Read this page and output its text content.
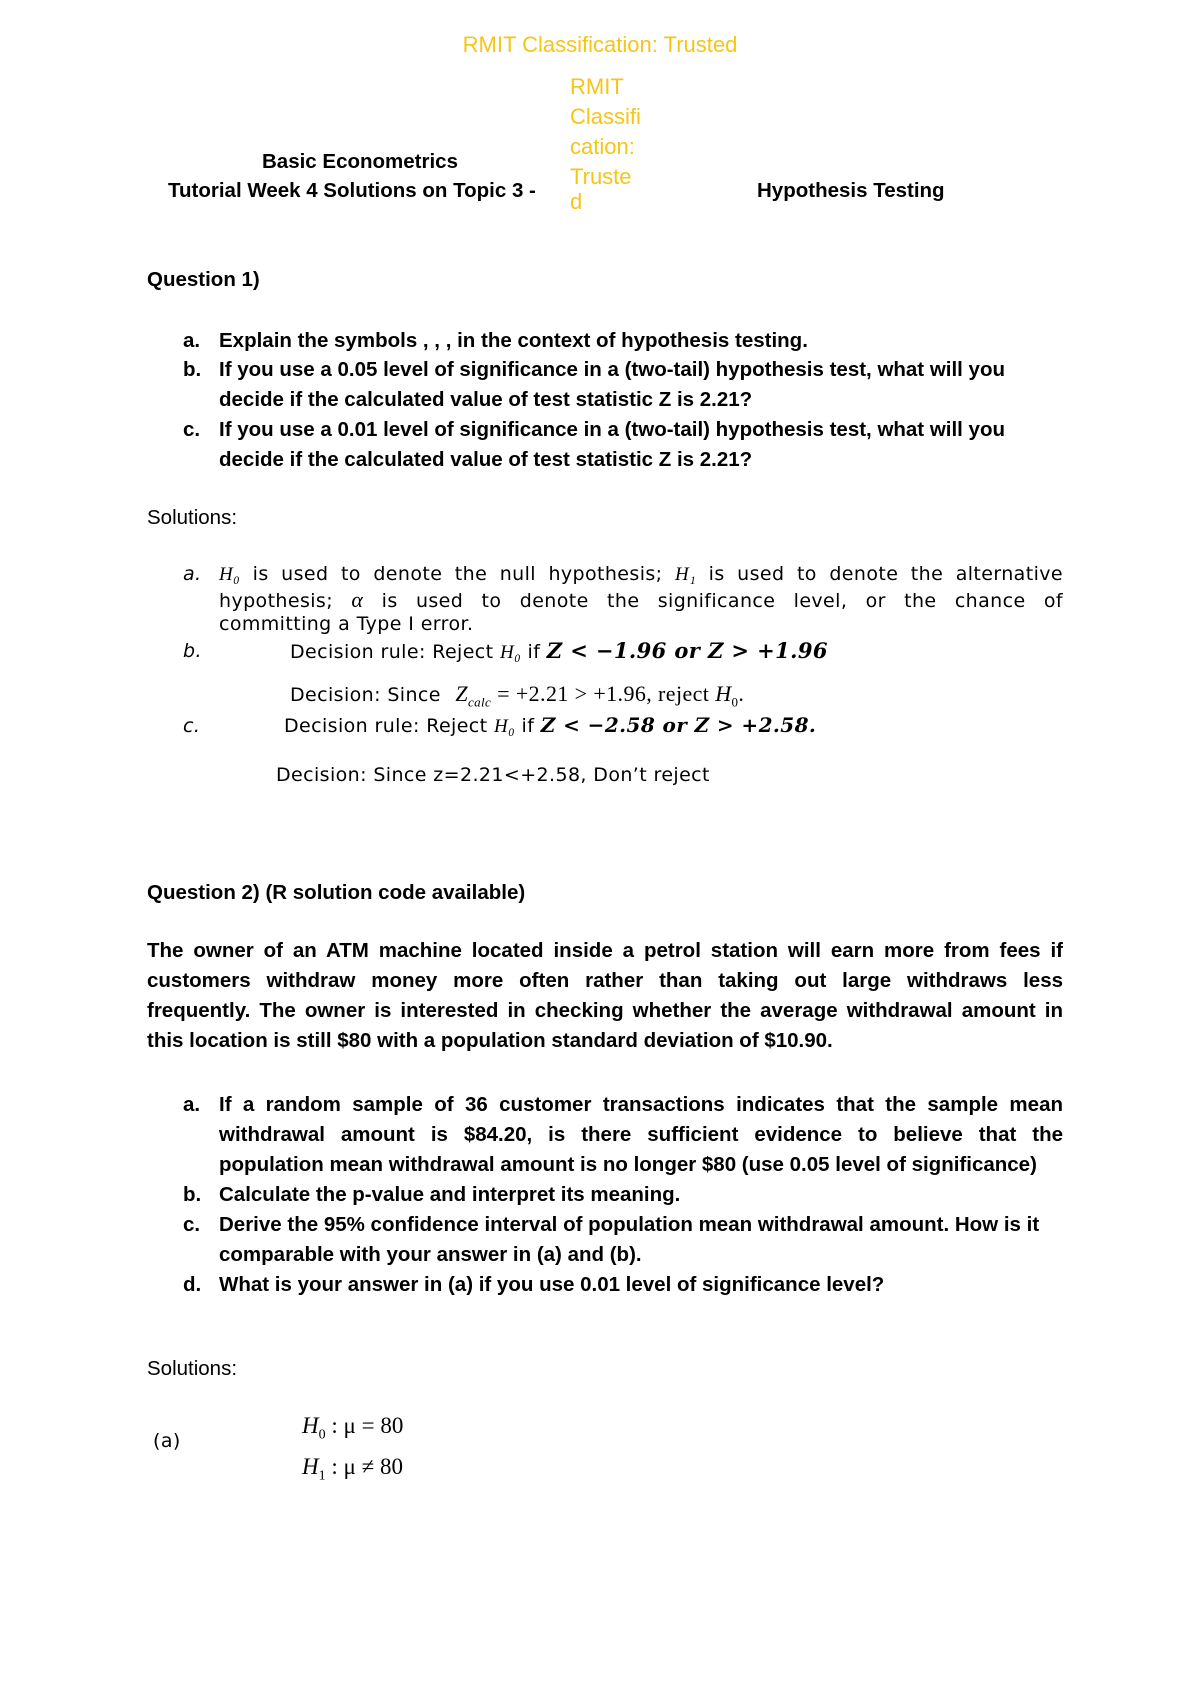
RMIT Classification: Trusted
RMIT
Classifi
cation:
Truste
d
Basic Econometrics
Tutorial Week 4 Solutions on Topic 3 -	Hypothesis Testing
Question 1)
a. Explain the symbols , , , in the context of hypothesis testing.
b. If you use a 0.05 level of significance in a (two-tail) hypothesis test, what will you
decide if the calculated value of test statistic Z is 2.21?
c. If you use a 0.01 level of significance in a (two-tail) hypothesis test, what will you
decide if the calculated value of test statistic Z is 2.21?
Solutions:
a. H₀ is used to denote the null hypothesis; H₁ is used to denote the alternative
hypothesis; α is used to denote the significance level, or the chance of
committing a Type I error.
b.	Decision rule: Reject H₀ if Z < −1.96 or Z > +1.96
Decision: Since $Z_{calc} = +2.21 > +1.96$, reject $H_0$.
c.	Decision rule: Reject H₀ if Z < −2.58 or Z > +2.58.
Decision: Since z=2.21<+2.58, Don’t reject
Question 2) (R solution code available)
The owner of an ATM machine located inside a petrol station will earn more from fees if
customers withdraw money more often rather than taking out large withdraws less
frequently. The owner is interested in checking whether the average withdrawal amount in
this location is still $80 with a population standard deviation of $10.90.
a. If a random sample of 36 customer transactions indicates that the sample mean
withdrawal amount is $84.20, is there sufficient evidence to believe that the
population mean withdrawal amount is no longer $80 (use 0.05 level of significance)
b. Calculate the p-value and interpret its meaning.
c. Derive the 95% confidence interval of population mean withdrawal amount. How is it
comparable with your answer in (a) and (b).
d. What is your answer in (a) if you use 0.01 level of significance level?
Solutions:
(a)
$H_0$ : μ = 80
$H_1$ : μ ≠ 80
